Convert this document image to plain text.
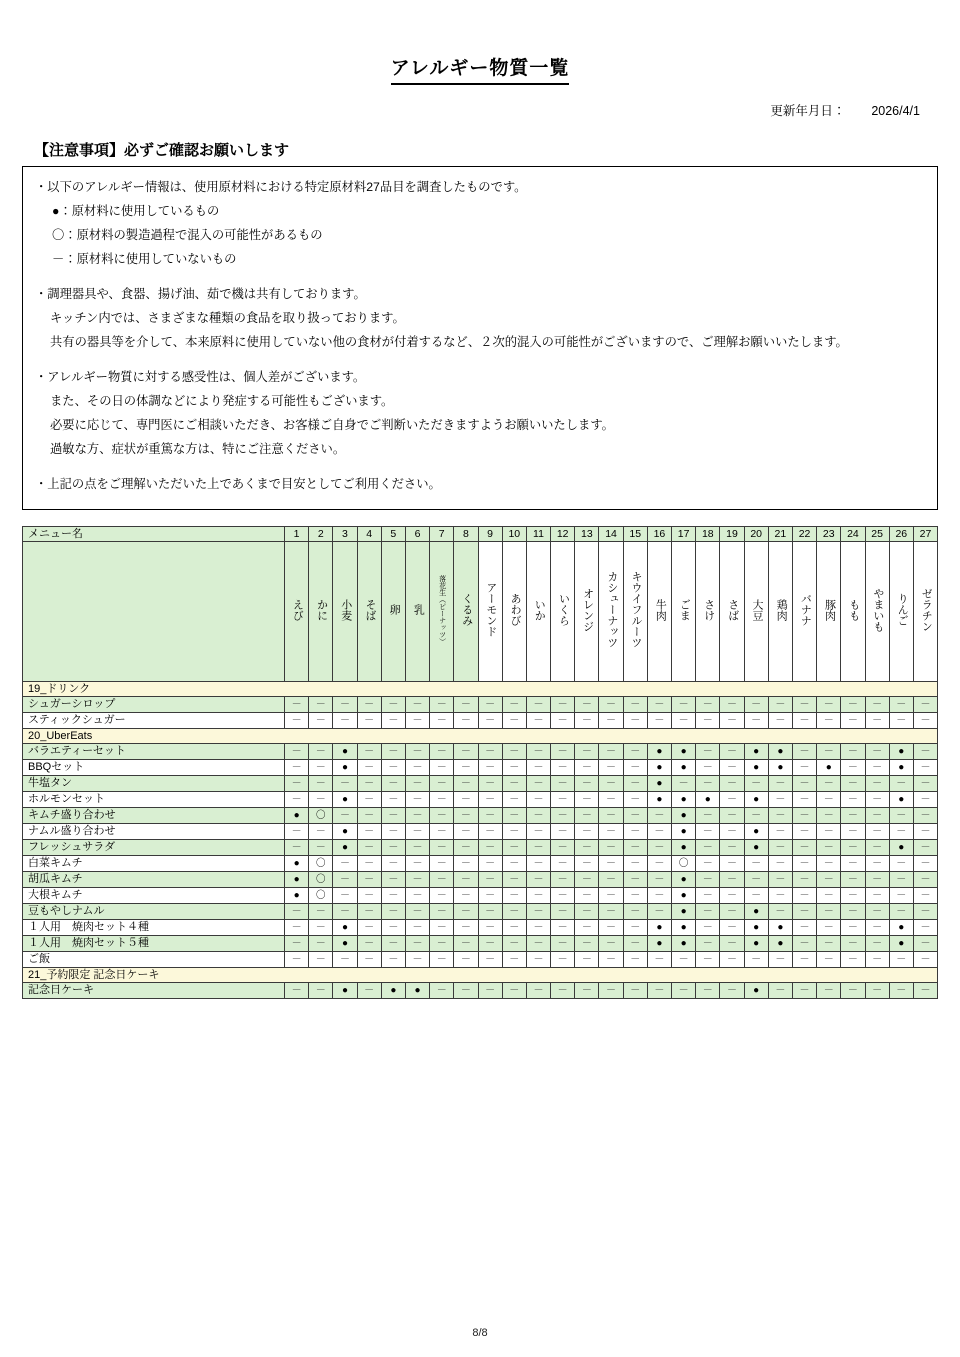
アレルギー物質一覧
更新年月日： 2026/4/1
【注意事項】必ずご確認お願いします
・以下のアレルギー情報は、使用原材料における特定原材料27品目を調査したものです。
●：原材料に使用しているもの
〇：原材料の製造過程で混入の可能性があるもの
－：原材料に使用していないもの
・調理器具や、食器、揚げ油、茹で機は共有しております。
キッチン内では、さまざまな種類の食品を取り扱っております。
共有の器具等を介して、本来原料に使用していない他の食材が付着するなど、２次的混入の可能性がございますので、ご理解お願いいたします。
・アレルギー物質に対する感受性は、個人差がございます。
また、その日の体調などにより発症する可能性もございます。
必要に応じて、専門医にご相談いただき、お客様ご自身でご判断いただきますようお願いいたします。
過敏な方、症状が重篤な方は、特にご注意ください。
・上記の点をご理解いただいた上であくまで目安としてご利用ください。
メニュー名	1	2	3	4	5	6	7	8	9	10	11	12	13	14	15	16	17	18	19	20	21	22	23	24	25	26	27
	えび	かに	小麦	そば	卵	乳	落花生（ピーナッツ）	くるみ	アーモンド	あわび	いか	いくら	オレンジ	カシューナッツ	キウイフルーツ	牛肉	ごま	さけ	さば	大豆	鶏肉	バナナ	豚肉	もも	やまいも	りんご	ゼラチン
19_ドリンク																											
シュガーシロップ	－	－	－	－	－	－	－	－	－	－	－	－	－	－	－	－	－	－	－	－	－	－	－	－	－	－	－
スティックシュガー	－	－	－	－	－	－	－	－	－	－	－	－	－	－	－	－	－	－	－	－	－	－	－	－	－	－	－
20_UberEats																											
バラエティーセット	－	－	●	－	－	－	－	－	－	－	－	－	－	－	－	●	●	－	－	●	●	－	－	－	－	●	－
BBQセット	－	－	●	－	－	－	－	－	－	－	－	－	－	－	－	●	●	－	－	●	●	－	●	－	－	●	－
牛塩タン	－	－	－	－	－	－	－	－	－	－	－	－	－	－	－	●	－	－	－	－	－	－	－	－	－	－	－
ホルモンセット	－	－	●	－	－	－	－	－	－	－	－	－	－	－	－	●	●	●	－	●	－	－	－	－	－	●	－
キムチ盛り合わせ	●	〇	－	－	－	－	－	－	－	－	－	－	－	－	－	－	●	－	－	－	－	－	－	－	－	－	－
ナムル盛り合わせ	－	－	●	－	－	－	－	－	－	－	－	－	－	－	－	－	●	－	－	●	－	－	－	－	－	－	－
フレッシュサラダ	－	－	●	－	－	－	－	－	－	－	－	－	－	－	－	－	●	－	－	●	－	－	－	－	－	●	－
白菜キムチ	●	〇	－	－	－	－	－	－	－	－	－	－	－	－	－	－	〇	－	－	－	－	－	－	－	－	－	－
胡瓜キムチ	●	〇	－	－	－	－	－	－	－	－	－	－	－	－	－	－	●	－	－	－	－	－	－	－	－	－	－
大根キムチ	●	〇	－	－	－	－	－	－	－	－	－	－	－	－	－	－	●	－	－	－	－	－	－	－	－	－	－
豆もやしナムル	－	－	－	－	－	－	－	－	－	－	－	－	－	－	－	－	●	－	－	●	－	－	－	－	－	－	－
１人用　焼肉セット４種	－	－	●	－	－	－	－	－	－	－	－	－	－	－	－	●	●	－	－	●	●	－	－	－	－	●	－
１人用　焼肉セット５種	－	－	●	－	－	－	－	－	－	－	－	－	－	－	－	●	●	－	－	●	●	－	－	－	－	●	－
ご飯	－	－	－	－	－	－	－	－	－	－	－	－	－	－	－	－	－	－	－	－	－	－	－	－	－	－	－
21_予約限定 記念日ケーキ																											
記念日ケーキ	－	－	●	－	●	●	－	－	－	－	－	－	－	－	－	－	－	－	－	●	－	－	－	－	－	－	－
8/8
